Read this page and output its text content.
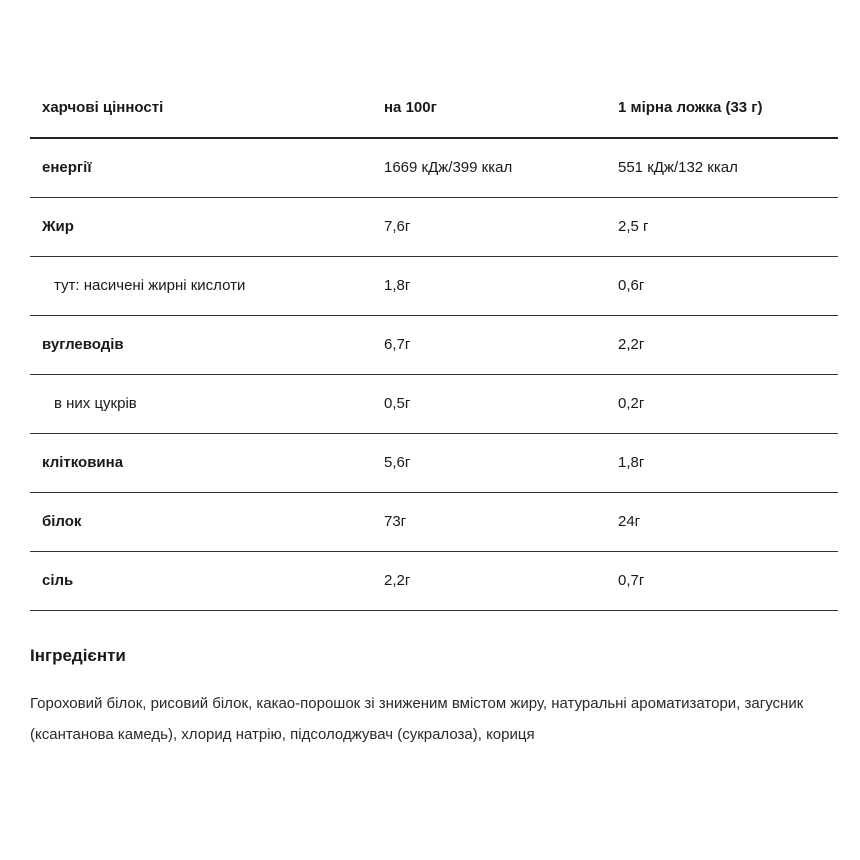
харчові цінності	на 100г	1 мірна ложка (33 г)
енергії	1669 кДж/399 ккал	551 кДж/132 ккал
Жир	7,6г	2,5 г
тут: насичені жирні кислоти	1,8г	0,6г
вуглеводів	6,7г	2,2г
в них цукрів	0,5г	0,2г
клітковина	5,6г	1,8г
білок	73г	24г
сіль	2,2г	0,7г
Інгредієнти

Гороховий білок, рисовий білок, какао-порошок зі зниженим вмістом жиру, натуральні ароматизатори, загусник (ксантанова камедь), хлорид натрію, підсолоджувач (сукралоза), кориця
